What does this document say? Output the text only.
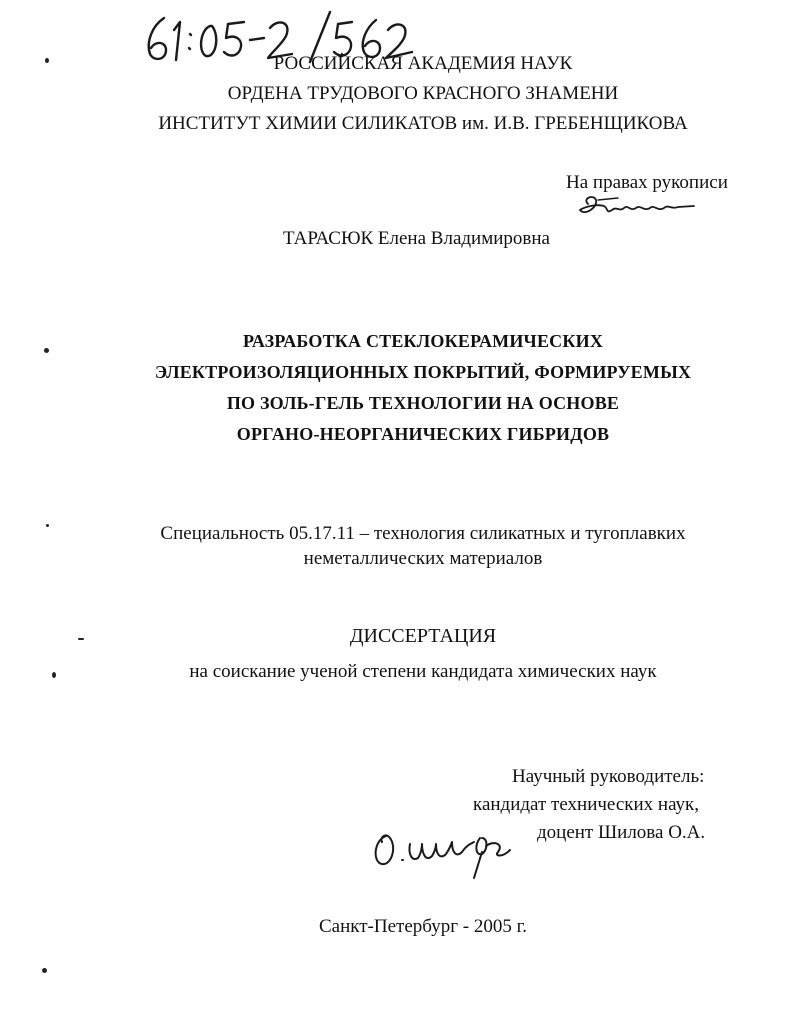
РОССИЙСКАЯ АКАДЕМИЯ НАУК
ОРДЕНА ТРУДОВОГО КРАСНОГО ЗНАМЕНИ
ИНСТИТУТ ХИМИИ СИЛИКАТОВ им. И.В. ГРЕБЕНЩИКОВА
На правах рукописи
ТАРАСЮК Елена Владимировна
РАЗРАБОТКА СТЕКЛОКЕРАМИЧЕСКИХ
ЭЛЕКТРОИЗОЛЯЦИОННЫХ ПОКРЫТИЙ, ФОРМИРУЕМЫХ
ПО ЗОЛЬ-ГЕЛЬ ТЕХНОЛОГИИ НА ОСНОВЕ
ОРГАНО-НЕОРГАНИЧЕСКИХ ГИБРИДОВ
Специальность 05.17.11 – технология силикатных и тугоплавких
неметаллических материалов
ДИССЕРТАЦИЯ
на соискание ученой степени кандидата химических наук
Научный руководитель:
кандидат технических наук,
доцент Шилова О.А.
Санкт-Петербург - 2005 г.
